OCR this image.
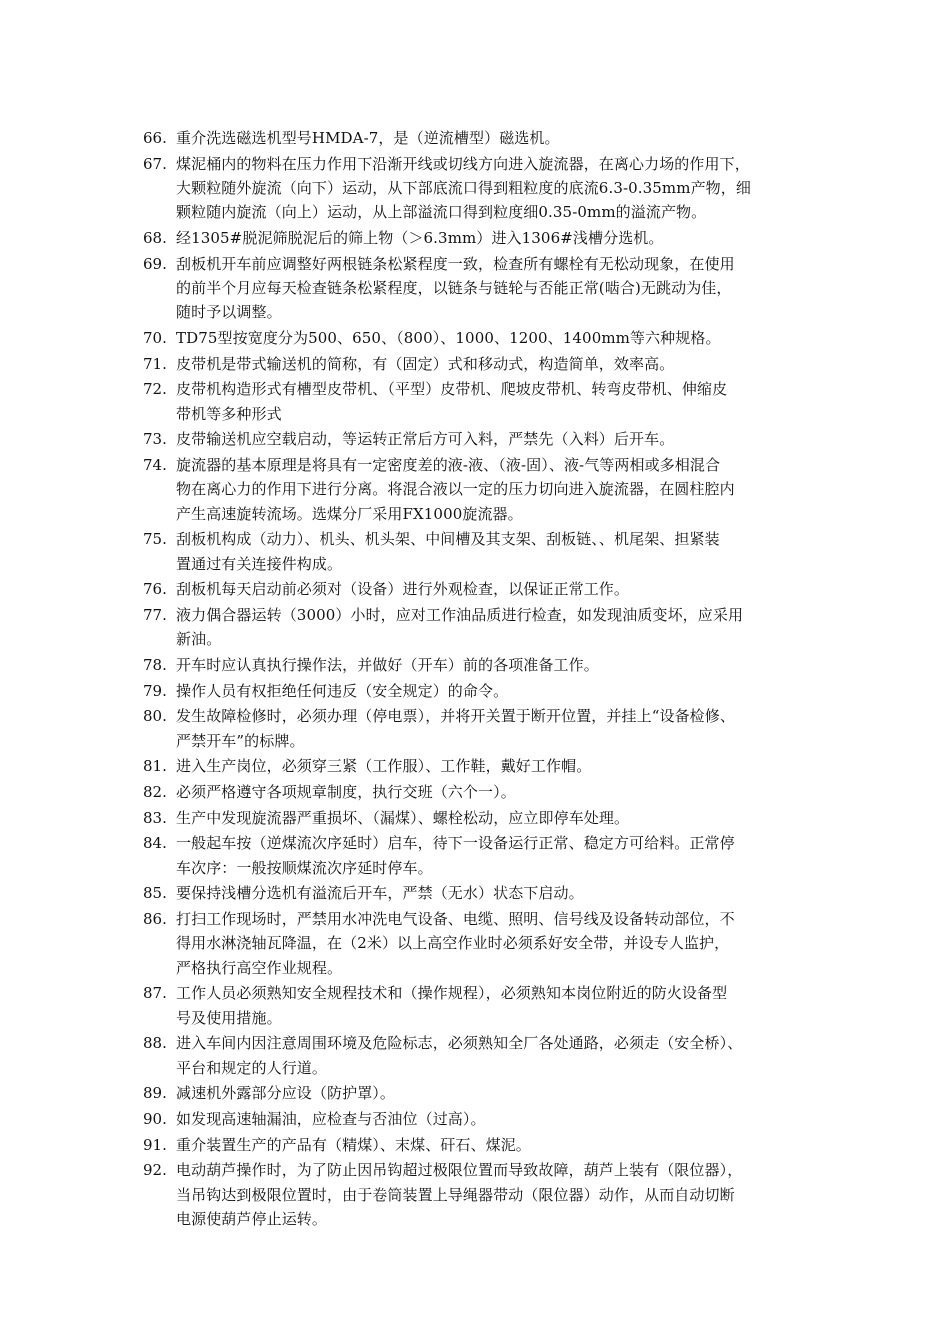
66. 重介洗选磁选机型号HMDA-7，是（逆流槽型）磁选机。
67. 煤泥桶内的物料在压力作用下沿渐开线或切线方向进入旋流器，在离心力场的作用下，
大颗粒随外旋流（向下）运动，从下部底流口得到粗粒度的底流6.3-0.35mm产物，细
颗粒随内旋流（向上）运动，从上部溢流口得到粒度细0.35-0mm的溢流产物。
68. 经1305#脱泥筛脱泥后的筛上物（＞6.3mm）进入1306#浅槽分选机。
69. 刮板机开车前应调整好两根链条松紧程度一致，检查所有螺栓有无松动现象，在使用
的前半个月应每天检查链条松紧程度，以链条与链轮与否能正常(啮合)无跳动为佳，
随时予以调整。
70. TD75型按宽度分为500、650、（800）、1000、1200、1400mm等六种规格。
71. 皮带机是带式输送机的简称，有（固定）式和移动式，构造简单，效率高。
72. 皮带机构造形式有槽型皮带机、（平型）皮带机、爬坡皮带机、转弯皮带机、伸缩皮
带机等多种形式
73. 皮带输送机应空载启动，等运转正常后方可入料，严禁先（入料）后开车。
74. 旋流器的基本原理是将具有一定密度差的液-液、（液-固）、液-气等两相或多相混合
物在离心力的作用下进行分离。将混合液以一定的压力切向进入旋流器，在圆柱腔内
产生高速旋转流场。选煤分厂采用FX1000旋流器。
75. 刮板机构成（动力）、机头、机头架、中间槽及其支架、刮板链、、机尾架、担紧装
置通过有关连接件构成。
76. 刮板机每天启动前必须对（设备）进行外观检查，以保证正常工作。
77. 液力偶合器运转（3000）小时，应对工作油品质进行检查，如发现油质变坏，应采用
新油。
78. 开车时应认真执行操作法，并做好（开车）前的各项准备工作。
79. 操作人员有权拒绝任何违反（安全规定）的命令。
80. 发生故障检修时，必须办理（停电票），并将开关置于断开位置，并挂上“设备检修、
严禁开车”的标牌。
81. 进入生产岗位，必须穿三紧（工作服）、工作鞋，戴好工作帽。
82. 必须严格遵守各项规章制度，执行交班（六个一）。
83. 生产中发现旋流器严重损坏、（漏煤）、螺栓松动，应立即停车处理。
84. 一般起车按（逆煤流次序延时）启车，待下一设备运行正常、稳定方可给料。正常停
车次序：一般按顺煤流次序延时停车。
85. 要保持浅槽分选机有溢流后开车，严禁（无水）状态下启动。
86. 打扫工作现场时，严禁用水冲洗电气设备、电缆、照明、信号线及设备转动部位，不
得用水淋浇轴瓦降温，在（2米）以上高空作业时必须系好安全带，并设专人监护，
严格执行高空作业规程。
87. 工作人员必须熟知安全规程技术和（操作规程），必须熟知本岗位附近的防火设备型
号及使用措施。
88. 进入车间内因注意周围环境及危险标志，必须熟知全厂各处通路，必须走（安全桥）、
平台和规定的人行道。
89. 减速机外露部分应设（防护罩）。
90. 如发现高速轴漏油，应检查与否油位（过高）。
91. 重介装置生产的产品有（精煤）、末煤、矸石、煤泥。
92. 电动葫芦操作时，为了防止因吊钩超过极限位置而导致故障，葫芦上装有（限位器），
当吊钩达到极限位置时，由于卷筒装置上导绳器带动（限位器）动作，从而自动切断
电源使葫芦停止运转。
